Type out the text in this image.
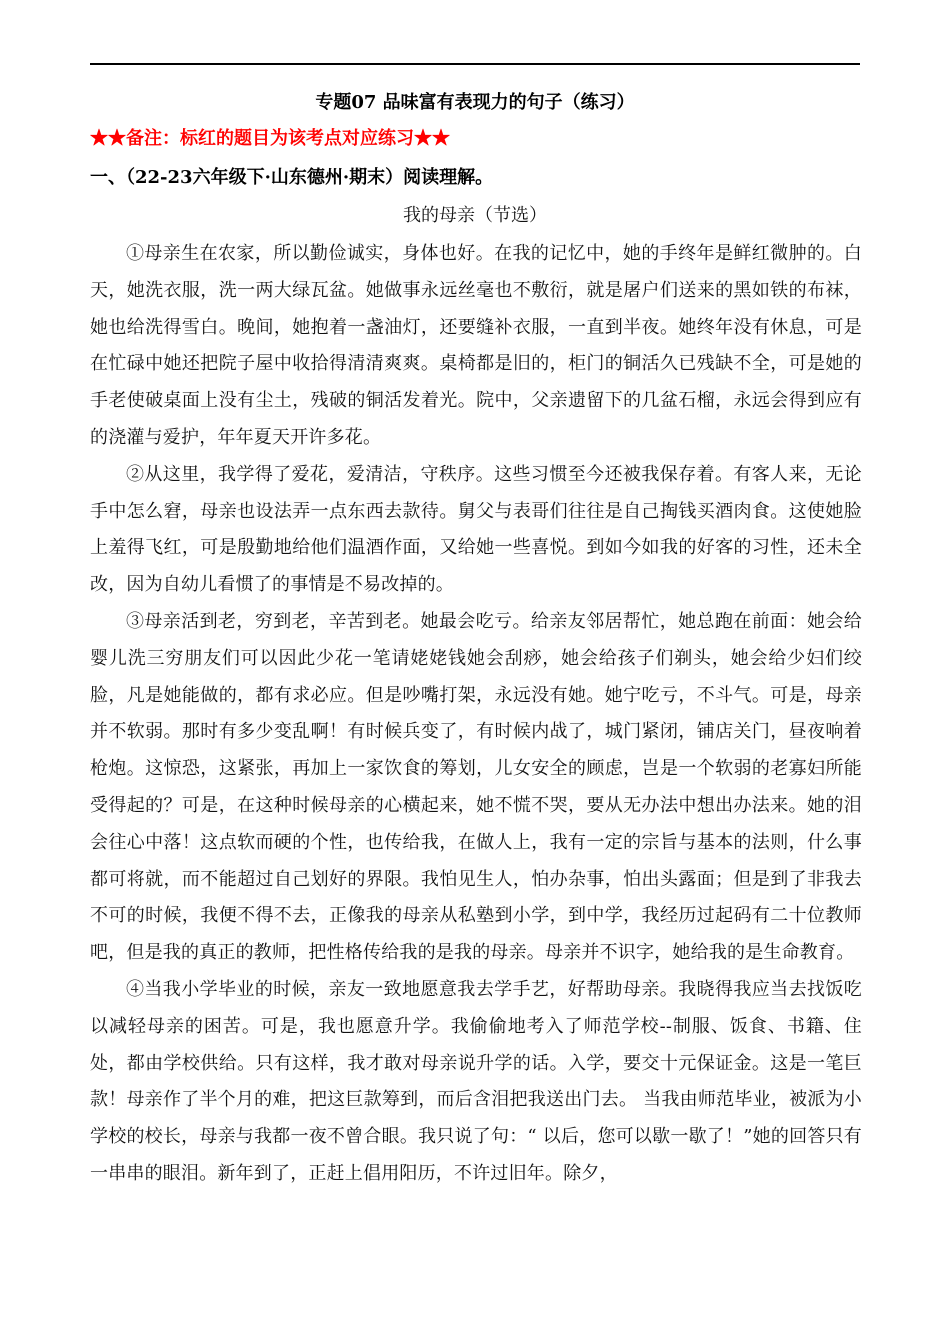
专题07 品味富有表现力的句子（练习）
★★备注：标红的题目为该考点对应练习★★
一、（22-23六年级下·山东德州·期末）阅读理解。
我的母亲（节选）

①母亲生在农家，所以勤俭诚实，身体也好。在我的记忆中，她的手终年是鲜红微肿的。白天，她洗衣服，洗一两大绿瓦盆。她做事永远丝毫也不敷衍，就是屠户们送来的黑如铁的布袜，她也给洗得雪白。晚间，她抱着一盏油灯，还要缝补衣服，一直到半夜。她终年没有休息，可是在忙碌中她还把院子屋中收拾得清清爽爽。桌椅都是旧的，柜门的铜活久已残缺不全，可是她的手老使破桌面上没有尘土，残破的铜活发着光。院中，父亲遗留下的几盆石榴，永远会得到应有的浇灌与爱护，年年夏天开许多花。

②从这里，我学得了爱花，爱清洁，守秩序。这些习惯至今还被我保存着。有客人来，无论手中怎么窘，母亲也设法弄一点东西去款待。舅父与表哥们往往是自己掏钱买酒肉食。这使她脸上羞得飞红，可是殷勤地给他们温酒作面，又给她一些喜悦。到如今如我的好客的习性，还未全改，因为自幼儿看惯了的事情是不易改掉的。

③母亲活到老，穷到老，辛苦到老。她最会吃亏。给亲友邻居帮忙，她总跑在前面：她会给婴儿洗三穷朋友们可以因此少花一笔请姥姥钱她会刮痧，她会给孩子们剃头，她会给少妇们绞脸，凡是她能做的，都有求必应。但是吵嘴打架，永远没有她。她宁吃亏，不斗气。可是，母亲并不软弱。那时有多少变乱啊！有时候兵变了，有时候内战了，城门紧闭，铺店关门，昼夜响着枪炮。这惊恐，这紧张，再加上一家饮食的筹划，儿女安全的顾虑，岂是一个软弱的老寡妇所能受得起的？可是，在这种时候母亲的心横起来，她不慌不哭，要从无办法中想出办法来。她的泪会往心中落！这点软而硬的个性，也传给我，在做人上，我有一定的宗旨与基本的法则，什么事都可将就，而不能超过自己划好的界限。我怕见生人，怕办杂事，怕出头露面；但是到了非我去不可的时候，我便不得不去，正像我的母亲从私塾到小学，到中学，我经历过起码有二十位教师吧，但是我的真正的教师，把性格传给我的是我的母亲。母亲并不识字，她给我的是生命教育。

④当我小学毕业的时候，亲友一致地愿意我去学手艺，好帮助母亲。我晓得我应当去找饭吃以减轻母亲的困苦。可是，我也愿意升学。我偷偷地考入了师范学校--制服、饭食、书籍、住处，都由学校供给。只有这样，我才敢对母亲说升学的话。入学，要交十元保证金。这是一笔巨款！母亲作了半个月的难，把这巨款筹到，而后含泪把我送出门去。 当我由师范毕业，被派为小学校的校长，母亲与我都一夜不曾合眼。我只说了句：“ 以后，您可以歇一歇了！”她的回答只有一串串的眼泪。新年到了，正赶上倡用阳历，不许过旧年。除夕，
